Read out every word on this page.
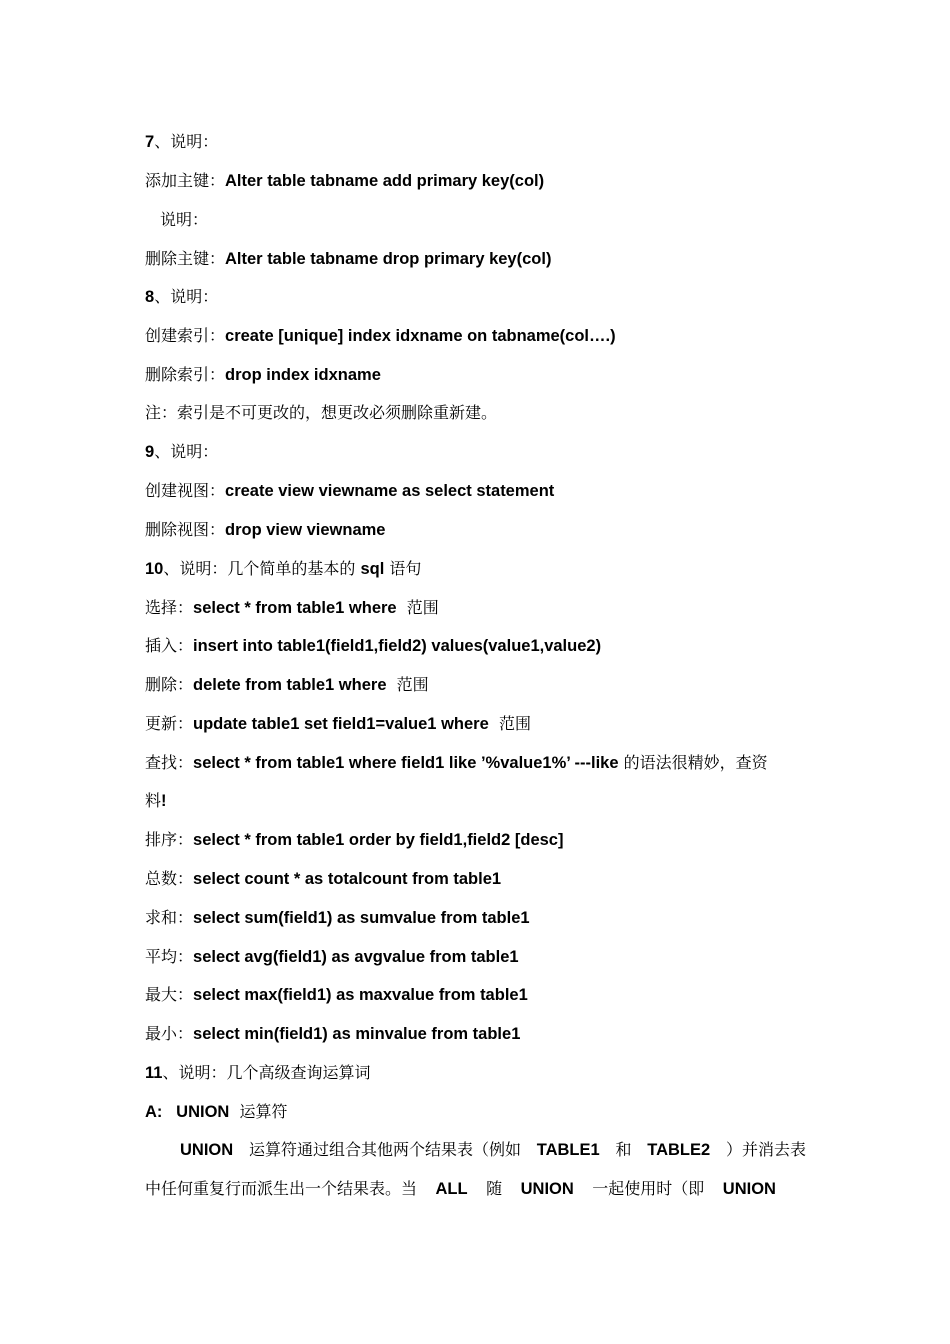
7、说明：
添加主键：Alter table tabname add primary key(col)
说明：
删除主键：Alter table tabname drop primary key(col)
8、说明：
创建索引：create [unique] index idxname on tabname(col….)
删除索引：drop index idxname
注：索引是不可更改的，想更改必须删除重新建。
9、说明：
创建视图：create view viewname as select statement
删除视图：drop view viewname
10、说明：几个简单的基本的 sql 语句
选择：select * from table1 where  范围
插入：insert into table1(field1,field2) values(value1,value2)
删除：delete from table1 where  范围
更新：update table1 set field1=value1 where  范围
查找：select * from table1 where field1 like ’%value1%’ ---like 的语法很精妙，查资
料!
排序：select * from table1 order by field1,field2 [desc]
总数：select count * as totalcount from table1
求和：select sum(field1) as sumvalue from table1
平均：select avg(field1) as avgvalue from table1
最大：select max(field1) as maxvalue from table1
最小：select min(field1) as minvalue from table1
11、说明：几个高级查询运算词
A:   UNION  运算符
UNION 运算符通过组合其他两个结果表（例如 TABLE1 和 TABLE2 ）并消去表
中任何重复行而派生出一个结果表。当 ALL 随 UNION 一起使用时（即 UNION
